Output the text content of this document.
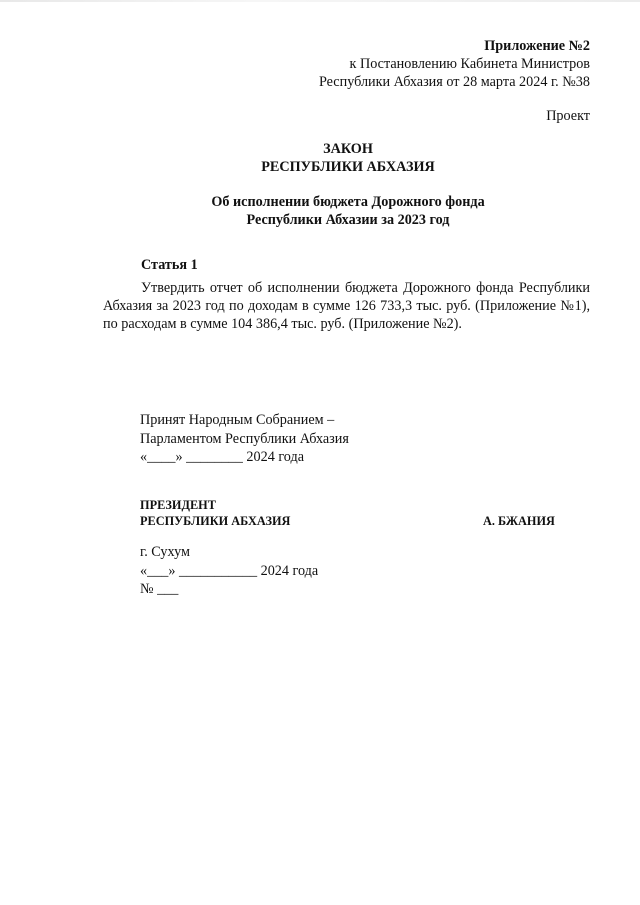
Приложение №2
к Постановлению Кабинета Министров
Республики Абхазия от 28 марта 2024 г. №38
Проект
ЗАКОН
РЕСПУБЛИКИ АБХАЗИЯ
Об исполнении бюджета Дорожного фонда
Республики Абхазии за 2023 год
Статья 1

Утвердить отчет об исполнении бюджета Дорожного фонда Республики Абхазия за 2023 год по доходам в сумме 126 733,3 тыс. руб. (Приложение №1), по расходам в сумме 104 386,4 тыс. руб. (Приложение №2).

Принят Народным Собранием –
Парламентом Республики Абхазия
«____» ________ 2024 года
ПРЕЗИДЕНТ
РЕСПУБЛИКИ АБХАЗИЯ	А. БЖАНИЯ
г. Сухум
«___» ___________ 2024 года
№ ___
